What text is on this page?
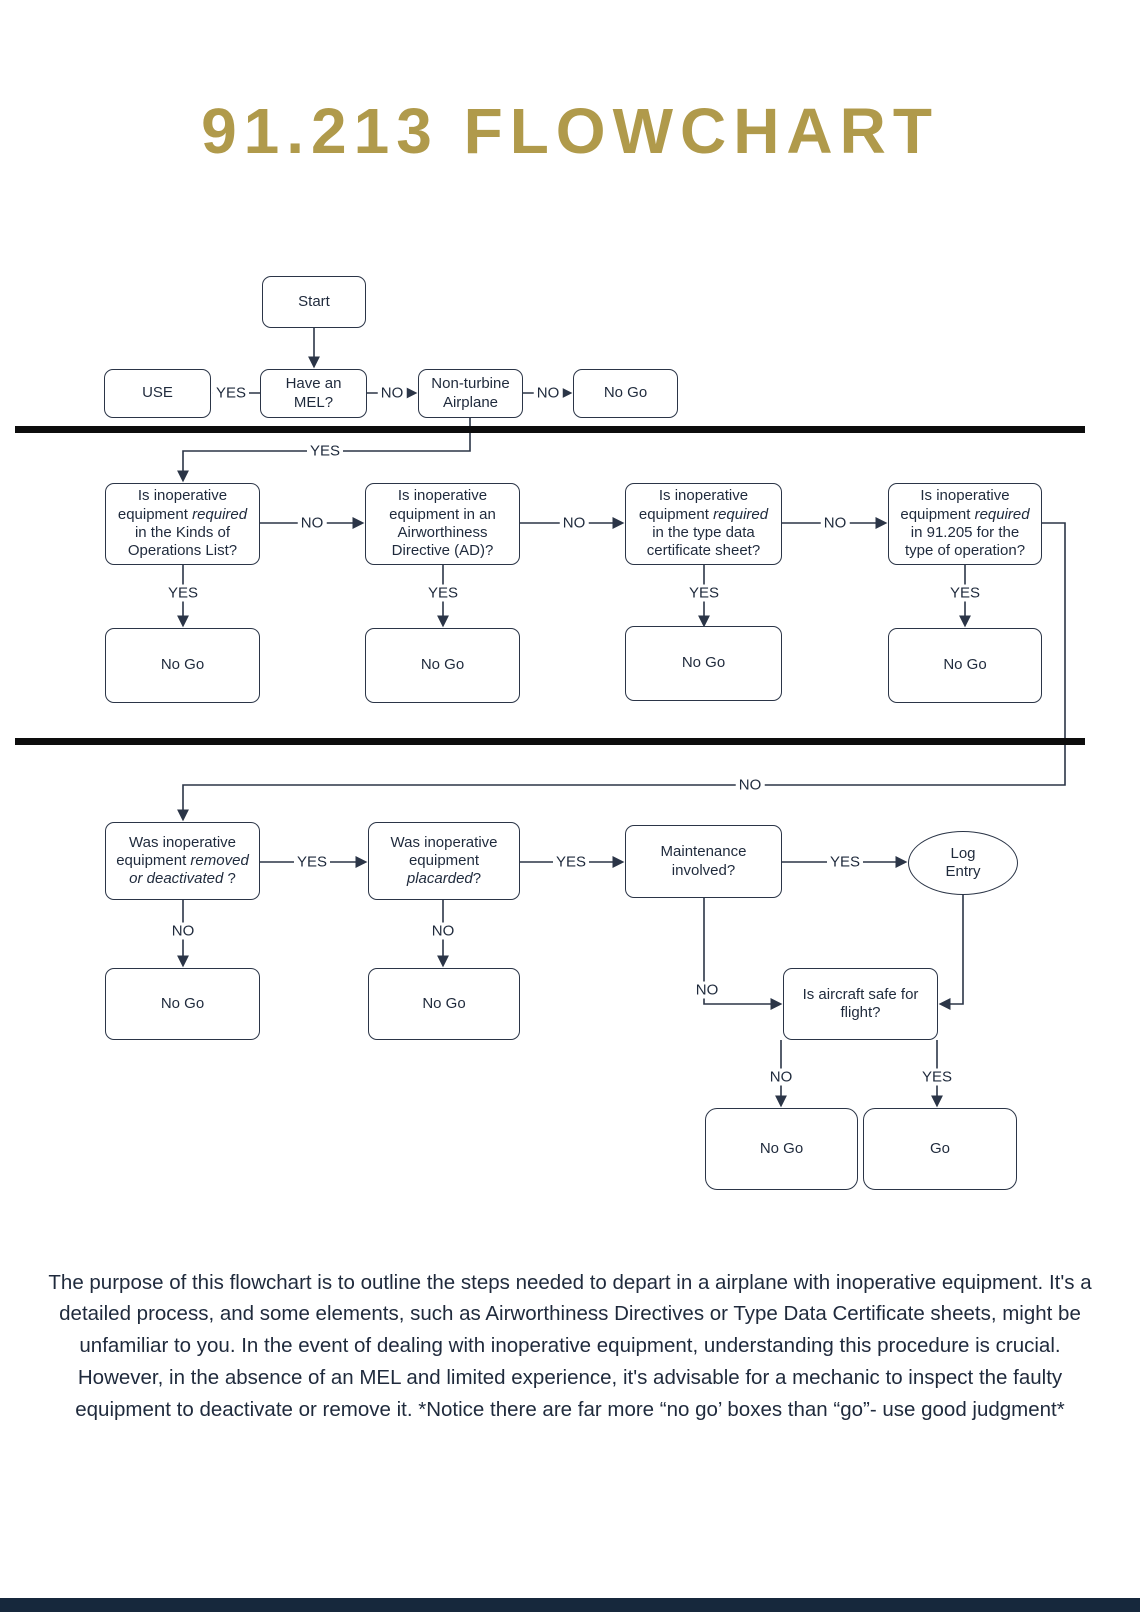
91.213 FLOWCHART
Start
USE
Have an MEL?
Non-turbine Airplane
No Go
Is inoperative equipment required in the Kinds of Operations List?
Is inoperative equipment in an Airworthiness Directive (AD)?
Is inoperative equipment required in the type data certificate sheet?
Is inoperative equipment required in 91.205 for the type of operation?
No Go	No Go	No Go	No Go
Was inoperative equipment removed or deactivated ?
Was inoperative equipment placarded?
Maintenance involved?
Log Entry
No Go	No Go
Is aircraft safe for flight?
No Go	Go
YES	NO	NO
YES
NO	NO	NO
YES	YES	YES	YES
NO
YES	YES	YES
NO	NO
NO
NO	YES

The purpose of this flowchart is to outline the steps needed to depart in a airplane with inoperative equipment. It's a detailed process, and some elements, such as Airworthiness Directives or Type Data Certificate sheets, might be unfamiliar to you. In the event of dealing with inoperative equipment, understanding this procedure is crucial. However, in the absence of an MEL and limited experience, it's advisable for a mechanic to inspect the faulty equipment to deactivate or remove it. *Notice there are far more “no go’ boxes than “go”- use good judgment*
